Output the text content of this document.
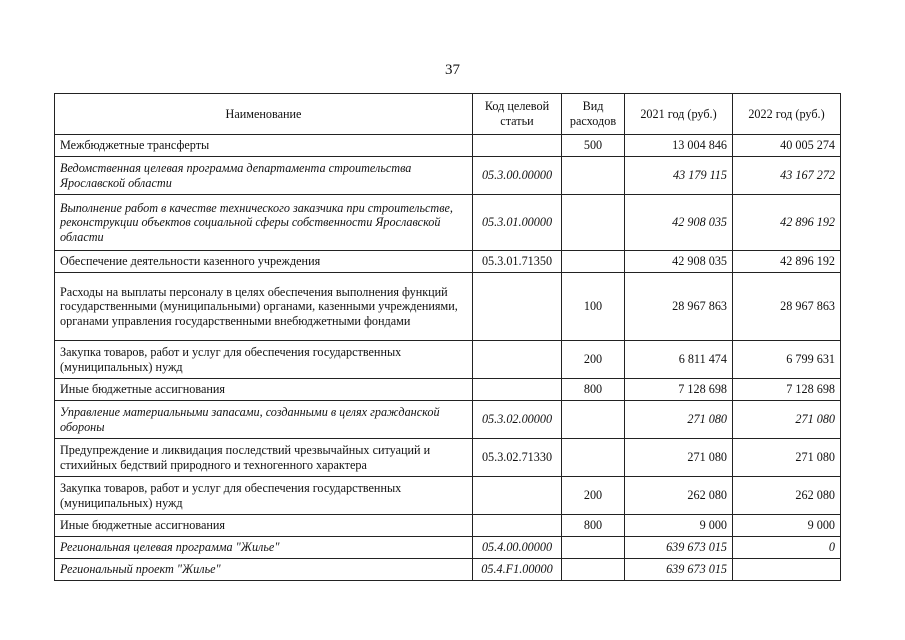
37
Наименование	Код целевой статьи	Вид расходов	2021 год (руб.)	2022 год (руб.)
Межбюджетные трансферты		500	13 004 846	40 005 274
Ведомственная целевая программа департамента строительства Ярославской области	05.3.00.00000		43 179 115	43 167 272
Выполнение работ в качестве технического заказчика при строительстве, реконструкции объектов социальной сферы собственности Ярославской области	05.3.01.00000		42 908 035	42 896 192
Обеспечение деятельности казенного учреждения	05.3.01.71350		42 908 035	42 896 192
Расходы на выплаты персоналу в целях обеспечения выполнения функций государственными (муниципальными) органами, казенными учреждениями, органами управления государственными внебюджетными фондами		100	28 967 863	28 967 863
Закупка товаров, работ и услуг для обеспечения государственных (муниципальных) нужд		200	6 811 474	6 799 631
Иные бюджетные ассигнования		800	7 128 698	7 128 698
Управление материальными запасами, созданными в целях гражданской обороны	05.3.02.00000		271 080	271 080
Предупреждение и ликвидация последствий чрезвычайных ситуаций и стихийных бедствий природного и техногенного характера	05.3.02.71330		271 080	271 080
Закупка товаров, работ и услуг для обеспечения государственных (муниципальных) нужд		200	262 080	262 080
Иные бюджетные ассигнования		800	9 000	9 000
Региональная целевая программа "Жилье"	05.4.00.00000		639 673 015	0
Региональный проект "Жилье"	05.4.F1.00000		639 673 015	
